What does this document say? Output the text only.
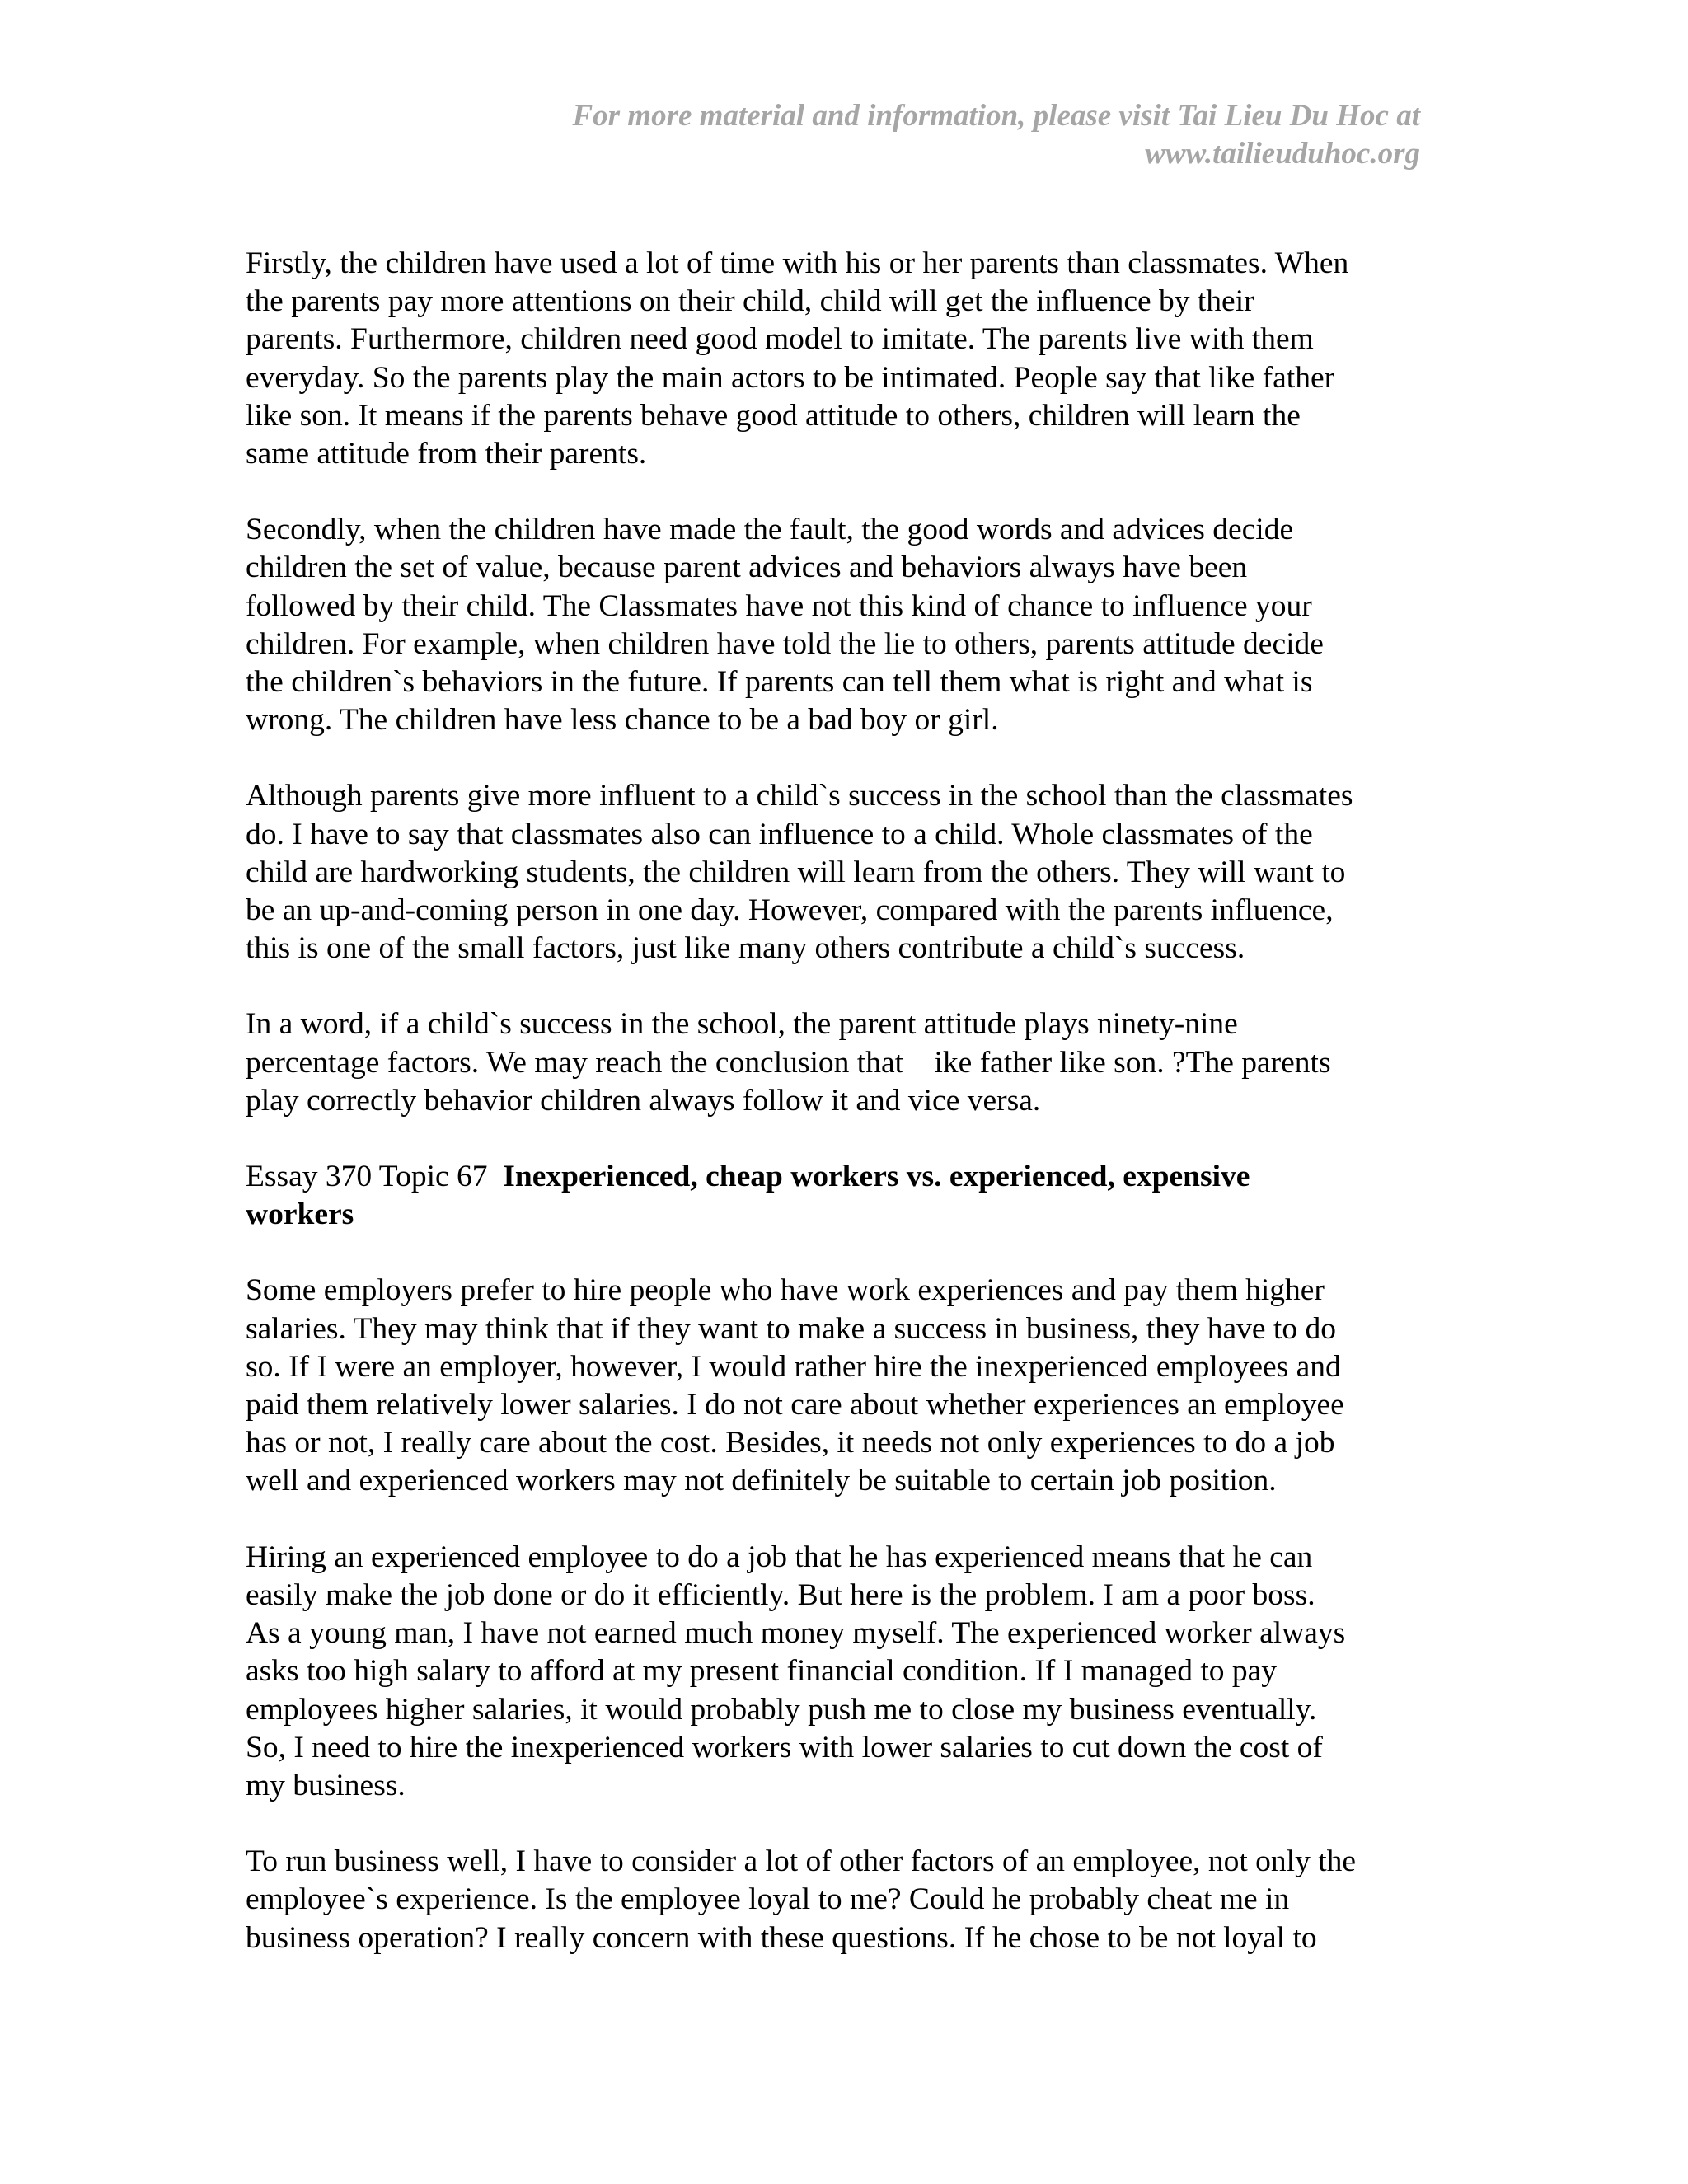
For more material and information, please visit Tai Lieu Du Hoc at
www.tailieuduhoc.org
Firstly, the children have used a lot of time with his or her parents than classmates. When
the parents pay more attentions on their child, child will get the influence by their
parents. Furthermore, children need good model to imitate. The parents live with them
everyday. So the parents play the main actors to be intimated. People say that like father
like son. It means if the parents behave good attitude to others, children will learn the
same attitude from their parents.
Secondly, when the children have made the fault, the good words and advices decide
children the set of value, because parent advices and behaviors always have been
followed by their child. The Classmates have not this kind of chance to influence your
children. For example, when children have told the lie to others, parents attitude decide
the children`s behaviors in the future. If parents can tell them what is right and what is
wrong. The children have less chance to be a bad boy or girl.
Although parents give more influent to a child`s success in the school than the classmates
do. I have to say that classmates also can influence to a child. Whole classmates of the
child are hardworking students, the children will learn from the others. They will want to
be an up-and-coming person in one day. However, compared with the parents influence,
this is one of the small factors, just like many others contribute a child`s success.
In a word, if a child`s success in the school, the parent attitude plays ninety-nine
percentage factors. We may reach the conclusion that    ike father like son. ?The parents
play correctly behavior children always follow it and vice versa.
Essay 370 Topic 67  Inexperienced, cheap workers vs. experienced, expensive
workers
Some employers prefer to hire people who have work experiences and pay them higher
salaries. They may think that if they want to make a success in business, they have to do
so. If I were an employer, however, I would rather hire the inexperienced employees and
paid them relatively lower salaries. I do not care about whether experiences an employee
has or not, I really care about the cost. Besides, it needs not only experiences to do a job
well and experienced workers may not definitely be suitable to certain job position.
Hiring an experienced employee to do a job that he has experienced means that he can
easily make the job done or do it efficiently. But here is the problem. I am a poor boss.
As a young man, I have not earned much money myself. The experienced worker always
asks too high salary to afford at my present financial condition. If I managed to pay
employees higher salaries, it would probably push me to close my business eventually.
So, I need to hire the inexperienced workers with lower salaries to cut down the cost of
my business.
To run business well, I have to consider a lot of other factors of an employee, not only the
employee`s experience. Is the employee loyal to me? Could he probably cheat me in
business operation? I really concern with these questions. If he chose to be not loyal to
